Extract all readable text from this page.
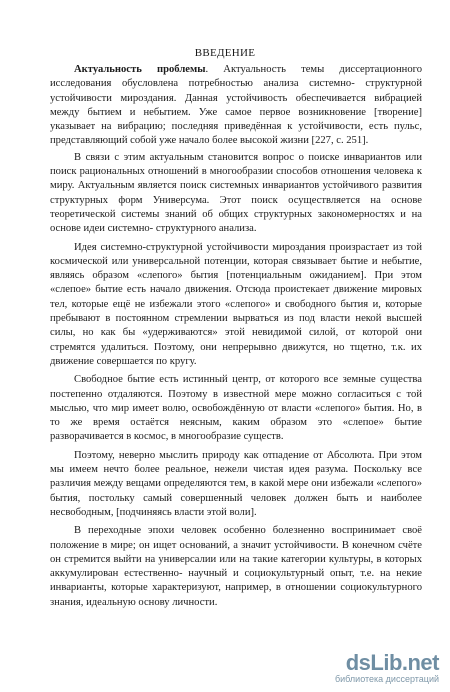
ВВЕДЕНИЕ

Актуальность проблемы. Актуальность темы диссертационного исследования обусловлена потребностью анализа системно- структурной устойчивости мироздания. Данная устойчивость обеспечивается вибрацией между бытием и небытием. Уже самое первое возникновение [творение] указывает на вибрацию; последняя приведённая к устойчивости, есть пульс, представляющий собой уже начало более высокой жизни [227, с. 251].

В связи с этим актуальным становится вопрос о поиске инвариантов или поиск рациональных отношений в многообразии способов отношения человека к миру. Актуальным является поиск системных инвариантов устойчивого развития структурных форм Универсума. Этот поиск осуществляется на основе теоретической системы знаний об общих структурных закономерностях и на основе идеи системно- структурного анализа.

Идея системно-структурной устойчивости мироздания произрастает из той космической или универсальной потенции, которая связывает бытие и небытие, являясь образом «слепого» бытия [потенциальным ожиданием]. При этом «слепое» бытие есть начало движения. Отсюда проистекает движение мировых тел, которые ещё не избежали этого «слепого» и свободного бытия и, которые пребывают в постоянном стремлении вырваться из под власти некой высшей силы, но как бы «удерживаются» этой невидимой силой, от которой они стремятся удалиться. Поэтому, они непрерывно движутся, но тщетно, т.к. их движение совершается по кругу.

Свободное бытие есть истинный центр, от которого все земные существа постепенно отдаляются. Поэтому в известной мере можно согласиться с той мыслью, что мир имеет волю, освобождённую от власти «слепого» бытия. Но, в то же время остаётся неясным, каким образом это «слепое» бытие разворачивается в космос, в многообразие существ.

Поэтому, неверно мыслить природу как отпадение от Абсолюта. При этом мы имеем нечто более реальное, нежели чистая идея разума. Поскольку все различия между вещами определяются тем, в какой мере они избежали «слепого» бытия, постольку самый совершенный человек должен быть и наиболее несвободным, [подчиняясь власти этой воли].

В переходные эпохи человек особенно болезненно воспринимает своё положение в мире; он ищет оснований, а значит устойчивости. В конечном счёте он стремится выйти на универсалии или на такие категории культуры, в которых аккумулирован естественно- научный и социокультурный опыт, т.е. на некие инварианты, которые характеризуют, например, в отношении социокультурного знания, идеальную основу личности.

dsLib.net
библиотека диссертаций
